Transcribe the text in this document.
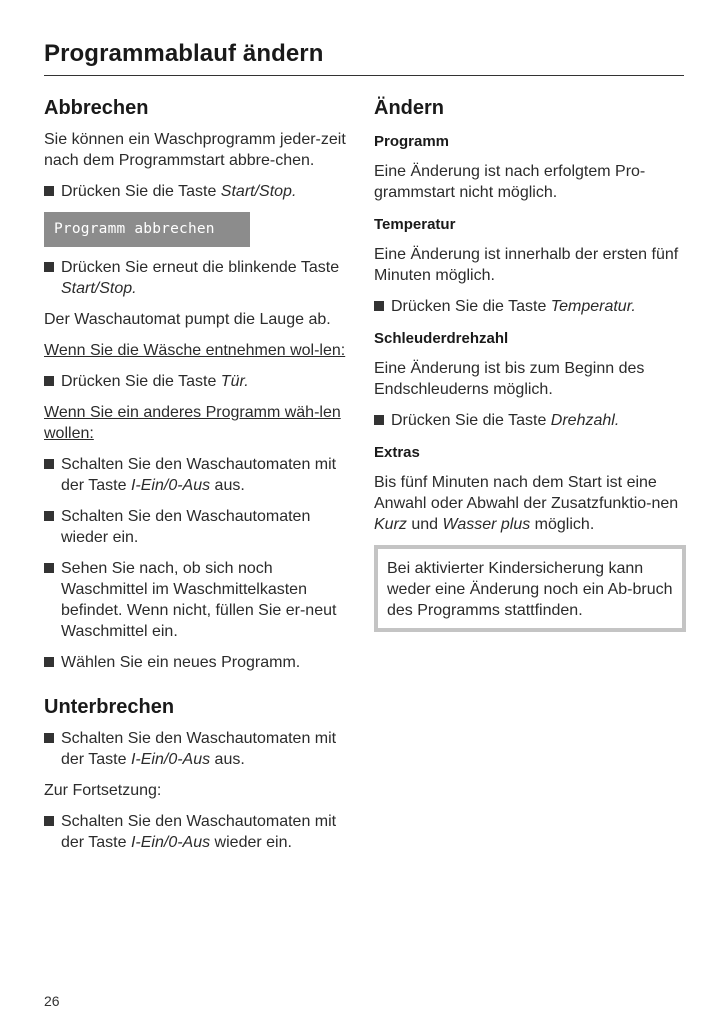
Programmablauf ändern
Abbrechen

Sie können ein Waschprogramm jeder-zeit nach dem Programmstart abbre-chen.

Drücken Sie die Taste Start/Stop.
Programm abbrechen
Drücken Sie erneut die blinkende Taste Start/Stop.

Der Waschautomat pumpt die Lauge ab.

Wenn Sie die Wäsche entnehmen wol-len:

Drücken Sie die Taste Tür.

Wenn Sie ein anderes Programm wäh-len wollen:

Schalten Sie den Waschautomaten mit der Taste I-Ein/0-Aus aus.
Schalten Sie den Waschautomaten wieder ein.
Sehen Sie nach, ob sich noch Waschmittel im Waschmittelkasten befindet. Wenn nicht, füllen Sie er-neut Waschmittel ein.
Wählen Sie ein neues Programm.
Unterbrechen
Schalten Sie den Waschautomaten mit der Taste I-Ein/0-Aus aus.

Zur Fortsetzung:

Schalten Sie den Waschautomaten mit der Taste I-Ein/0-Aus wieder ein.
Ändern
Programm

Eine Änderung ist nach erfolgtem Pro-grammstart nicht möglich.

Temperatur

Eine Änderung ist innerhalb der ersten fünf Minuten möglich.

Drücken Sie die Taste Temperatur.
Schleuderdrehzahl

Eine Änderung ist bis zum Beginn des Endschleuderns möglich.

Drücken Sie die Taste Drehzahl.
Extras

Bis fünf Minuten nach dem Start ist eine Anwahl oder Abwahl der Zusatzfunktio-nen Kurz und Wasser plus möglich.

Bei aktivierter Kindersicherung kann weder eine Änderung noch ein Ab-bruch des Programms stattfinden.
26
